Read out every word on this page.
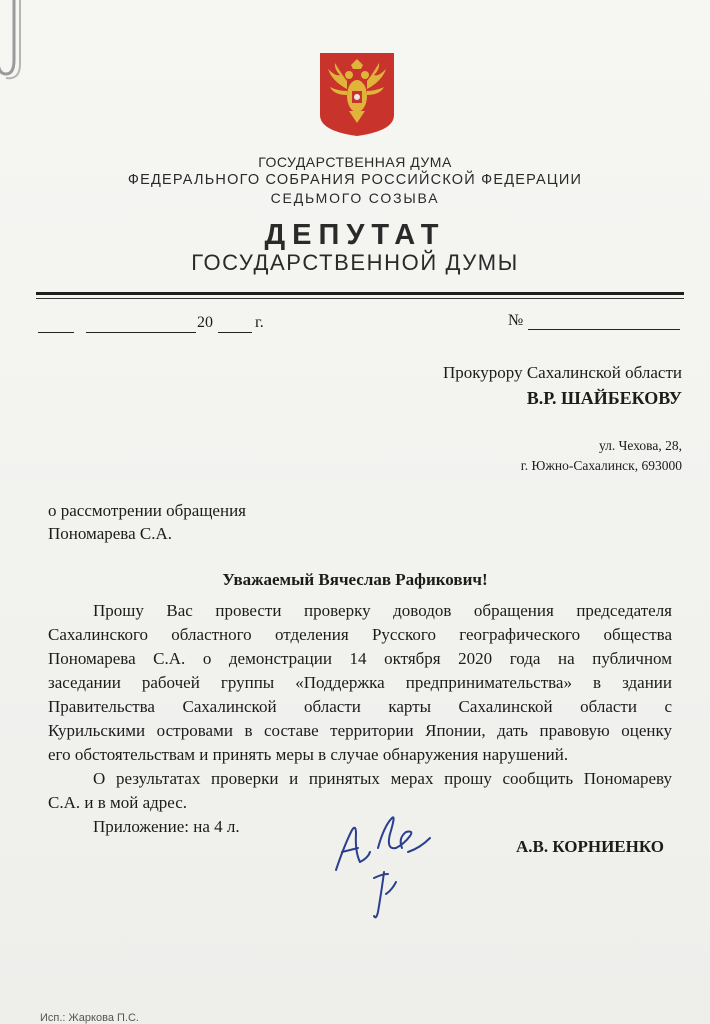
ГОСУДАРСТВЕННАЯ ДУМА
ФЕДЕРАЛЬНОГО СОБРАНИЯ РОССИЙСКОЙ ФЕДЕРАЦИИ
СЕДЬМОГО СОЗЫВА
ДЕПУТАТ
ГОСУДАРСТВЕННОЙ ДУМЫ
20	г.	№
Прокурору Сахалинской области
В.Р. ШАЙБЕКОВУ
ул. Чехова, 28,
г. Южно-Сахалинск, 693000
о рассмотрении обращения
Пономарева С.А.
Уважаемый Вячеслав Рафикович!
Прошу Вас провести проверку доводов обращения председателя
Сахалинского областного отделения Русского географического общества
Пономарева С.А. о демонстрации 14 октября 2020 года на публичном
заседании рабочей группы «Поддержка предпринимательства» в здании
Правительства Сахалинской области карты Сахалинской области с
Курильскими островами в составе территории Японии, дать правовую оценку
его обстоятельствам и принять меры в случае обнаружения нарушений.
О результатах проверки и принятых мерах прошу сообщить Пономареву
С.А. и в мой адрес.
Приложение: на 4 л.
А.В. КОРНИЕНКО
Исп.: Жаркова П.С.
